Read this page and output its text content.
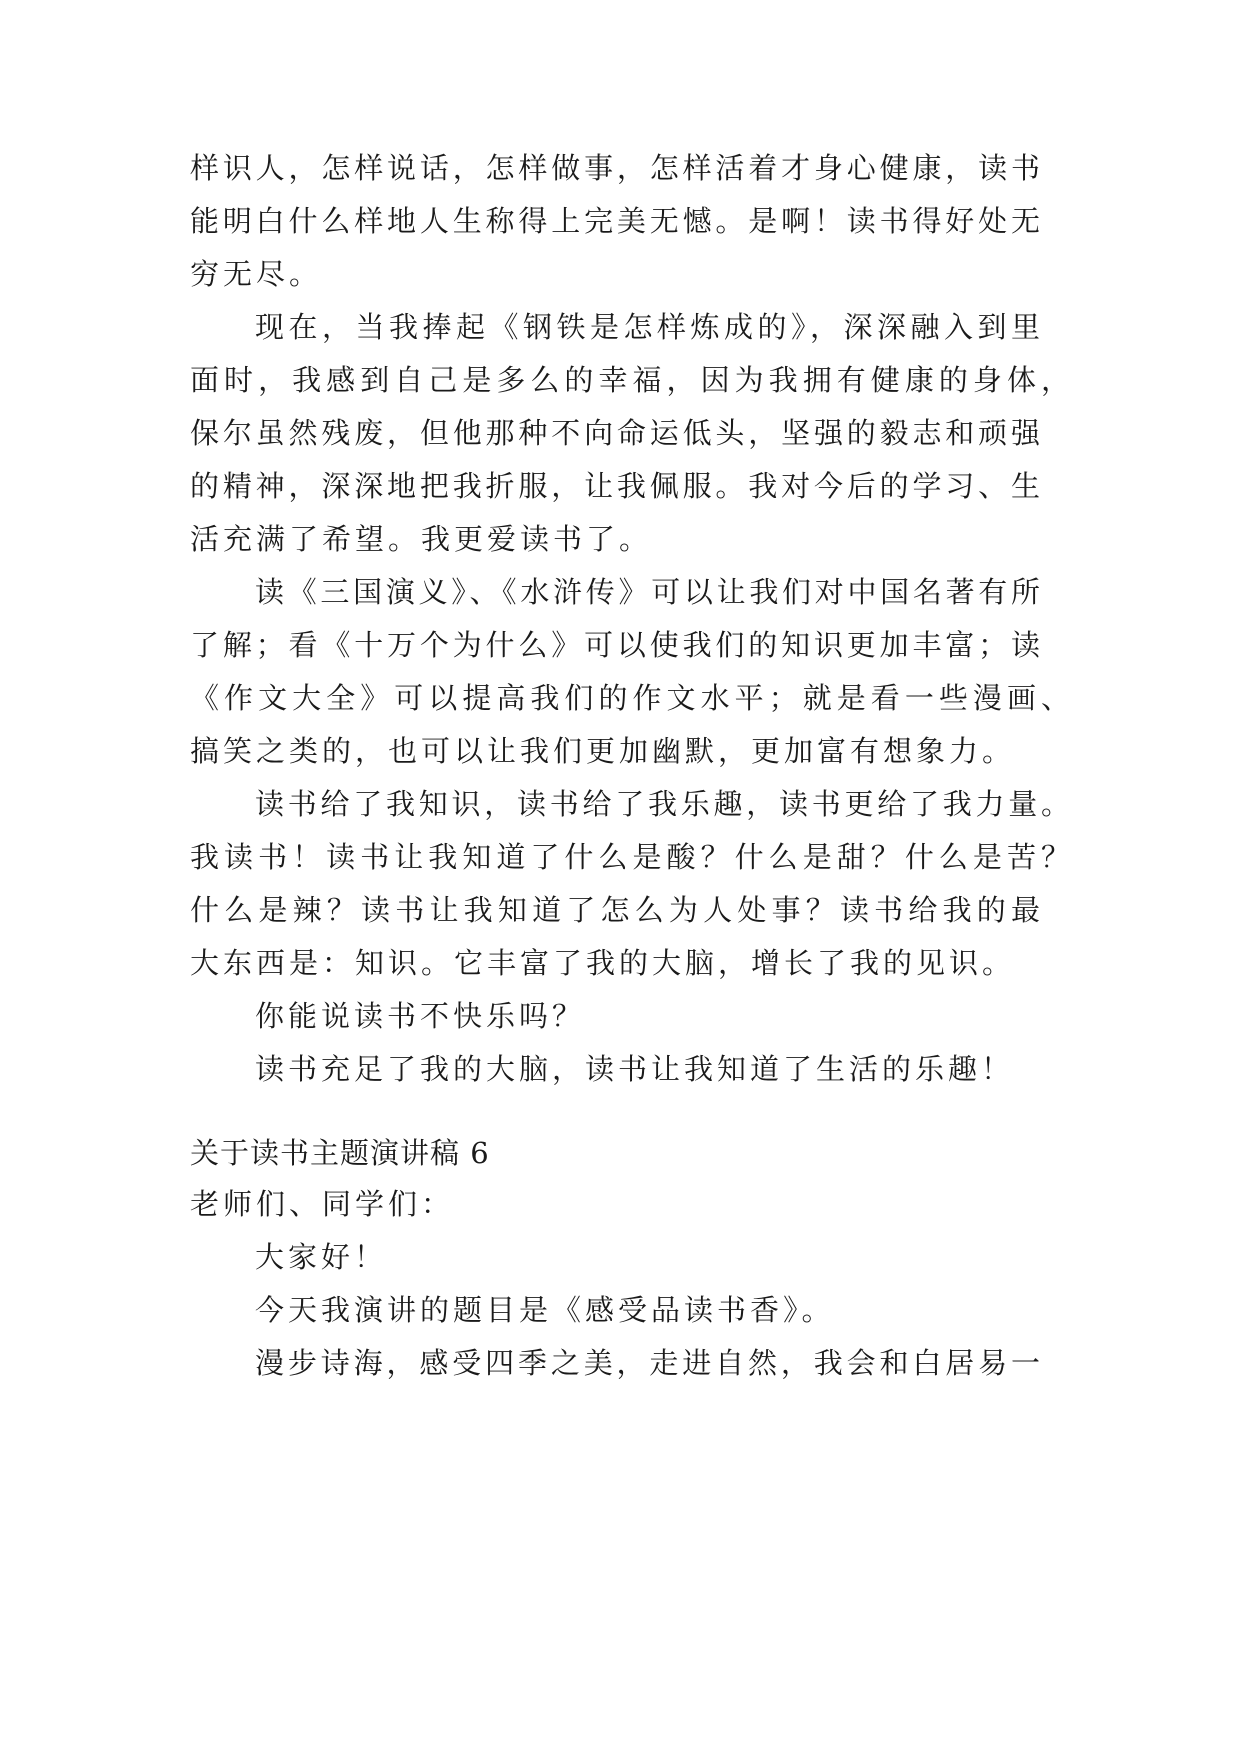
样识人，怎样说话，怎样做事，怎样活着才身心健康，读书
能明白什么样地人生称得上完美无憾。是啊！读书得好处无
穷无尽。
现在，当我捧起《钢铁是怎样炼成的》，深深融入到里
面时，我感到自己是多么的幸福，因为我拥有健康的身体，
保尔虽然残废，但他那种不向命运低头，坚强的毅志和顽强
的精神，深深地把我折服，让我佩服。我对今后的学习、生
活充满了希望。我更爱读书了。
读《三国演义》、《水浒传》可以让我们对中国名著有所
了解；看《十万个为什么》可以使我们的知识更加丰富；读
《作文大全》可以提高我们的作文水平；就是看一些漫画、
搞笑之类的，也可以让我们更加幽默，更加富有想象力。
读书给了我知识，读书给了我乐趣，读书更给了我力量。
我读书！读书让我知道了什么是酸？什么是甜？什么是苦？
什么是辣？读书让我知道了怎么为人处事？读书给我的最
大东西是：知识。它丰富了我的大脑，增长了我的见识。
你能说读书不快乐吗？
读书充足了我的大脑，读书让我知道了生活的乐趣！
关于读书主题演讲稿 6
老师们、同学们：
大家好！
今天我演讲的题目是《感受品读书香》。
漫步诗海，感受四季之美，走进自然，我会和白居易一
